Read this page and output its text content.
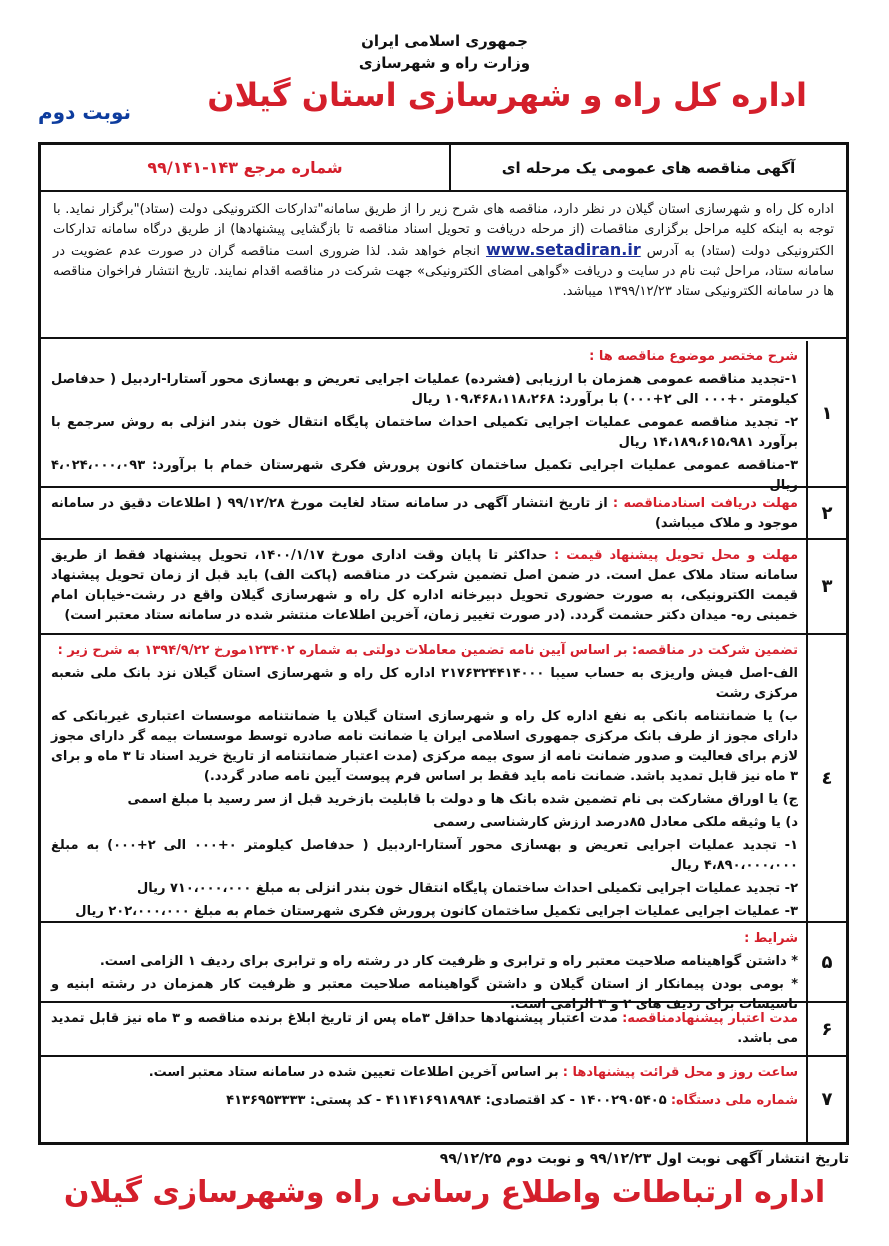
جمهوری اسلامی ایران
وزارت راه و شهرسازی
اداره کل راه و شهرسازی استان گیلان
نوبت دوم
آگهی مناقصه های عمومی یک مرحله ای
شماره مرجع ۱۴۳-۹۹/۱۴۱
اداره کل راه و شهرسازی استان گیلان در نظر دارد، مناقصه های شرح زیر را از طریق سامانه"تدارکات الکترونیکی دولت (ستاد)"برگزار نماید. با توجه به اینکه کلیه مراحل برگزاری مناقصات (از مرحله دریافت و تحویل اسناد مناقصه تا بازگشایی پیشنهادها) از طریق درگاه سامانه تدارکات الکترونیکی دولت (ستاد) به آدرس www.setadiran.ir انجام خواهد شد. لذا ضروری است مناقصه گران در صورت عدم عضویت در سامانه ستاد، مراحل ثبت نام در سایت و دریافت «گواهی امضای الکترونیکی» جهت شرکت در مناقصه اقدام نمایند. تاریخ انتشار فراخوان مناقصه ها در سامانه الکترونیکی ستاد ۱۳۹۹/۱۲/۲۳ میباشد.
۱
شرح مختصر موضوع مناقصه ها :
۱-تجدید مناقصه عمومی همزمان با ارزیابی (فشرده) عملیات اجرایی تعریض و بهسازی محور آستارا-اردبیل ( حدفاصل کیلومتر ۰+۰۰۰ الی ۲+۰۰۰) با برآورد: ۱۰۹،۴۶۸،۱۱۸،۲۶۸ ریال
۲- تجدید مناقصه عمومی عملیات اجرایی تکمیلی احداث ساختمان پایگاه انتقال خون بندر انزلی به روش سرجمع با برآورد ۱۴،۱۸۹،۶۱۵،۹۸۱ ریال
۳-مناقصه عمومی عملیات اجرایی تکمیل ساختمان کانون پرورش فکری شهرستان خمام با برآورد: ۴،۰۲۴،۰۰۰،۰۹۳ ریال
۲
مهلت دریافت اسنادمناقصه : از تاریخ انتشار آگهی در سامانه ستاد لغایت مورخ ۹۹/۱۲/۲۸ ( اطلاعات دقیق در سامانه موجود و ملاک میباشد)
۳
مهلت و محل تحویل پیشنهاد قیمت : حداکثر تا پایان وقت اداری مورخ ۱۴۰۰/۱/۱۷، تحویل پیشنهاد فقط از طریق سامانه ستاد ملاک عمل است. در ضمن اصل تضمین شرکت در مناقصه (پاکت الف) باید قبل از زمان تحویل پیشنهاد قیمت الکترونیکی، به صورت حضوری تحویل دبیرخانه اداره کل راه و شهرسازی گیلان واقع در رشت-خیابان امام خمینی ره- میدان دکتر حشمت گردد. (در صورت تغییر زمان، آخرین اطلاعات منتشر شده در سامانه ستاد معتبر است)
٤
تضمین شرکت در مناقصه: بر اساس آیین نامه تضمین معاملات دولتی به شماره ۱۲۳۴۰۲مورخ ۱۳۹۴/۹/۲۲ به شرح زیر :
الف-اصل فیش واریزی به حساب سیبا ۲۱۷۶۳۲۴۴۱۴۰۰۰ اداره کل راه و شهرسازی استان گیلان نزد بانک ملی شعبه مرکزی رشت
ب) یا ضمانتنامه بانکی به نفع اداره کل راه و شهرسازی استان گیلان یا ضمانتنامه موسسات اعتباری غیربانکی که دارای مجوز از طرف بانک مرکزی جمهوری اسلامی ایران یا ضمانت نامه صادره توسط موسسات بیمه گر دارای مجوز لازم برای فعالیت و صدور ضمانت نامه از سوی بیمه مرکزی (مدت اعتبار ضمانتنامه از تاریخ خرید اسناد تا ۳ ماه و برای ۳ ماه نیز قابل تمدید باشد. ضمانت نامه باید فقط بر اساس فرم پیوست آیین نامه صادر گردد.)
ج) یا اوراق مشارکت بی نام تضمین شده بانک ها و دولت با قابلیت بازخرید قبل از سر رسید با مبلغ اسمی
د) یا وثیقه ملکی معادل ۸۵درصد ارزش کارشناسی رسمی
۱- تجدید عملیات اجرایی تعریض و بهسازی محور آستارا-اردبیل ( حدفاصل کیلومتر ۰+۰۰۰ الی ۲+۰۰۰) به مبلغ ۴،۸۹۰،۰۰۰،۰۰۰ ریال
۲- تجدید عملیات اجرایی تکمیلی احداث ساختمان پایگاه انتقال خون بندر انزلی به مبلغ ۷۱۰،۰۰۰،۰۰۰ ریال
۳- عملیات اجرایی عملیات اجرایی تکمیل ساختمان کانون پرورش فکری شهرستان خمام به مبلغ ۲۰۲،۰۰۰،۰۰۰ ریال
۵
شرایط :
* داشتن گواهینامه صلاحیت معتبر راه و ترابری و ظرفیت کار در رشته راه و ترابری برای ردیف ۱ الزامی است.
* بومی بودن پیمانکار از استان گیلان و داشتن گواهینامه صلاحیت معتبر و ظرفیت کار همزمان در رشته ابنیه و تاسیسات برای ردیف های ۲ و ۳ الزامی است.
۶
مدت اعتبار پیشنهادمناقصه: مدت اعتبار پیشنهادها حداقل ۳ماه پس از تاریخ ابلاغ برنده مناقصه و ۳ ماه نیز قابل تمدید می باشد.
۷
ساعت روز و محل قرائت پیشنهادها : بر اساس آخرین اطلاعات تعیین شده در سامانه ستاد معتبر است.
شماره ملی دستگاه: ۱۴۰۰۲۹۰۵۴۰۵ - کد اقتصادی: ۴۱۱۴۱۶۹۱۸۹۸۴ - کد پستی: ۴۱۳۶۹۵۳۳۳۳
تاریخ انتشار آگهی نوبت اول ۹۹/۱۲/۲۳ و نوبت دوم ۹۹/۱۲/۲۵
اداره ارتباطات واطلاع رسانی راه وشهرسازی گیلان
